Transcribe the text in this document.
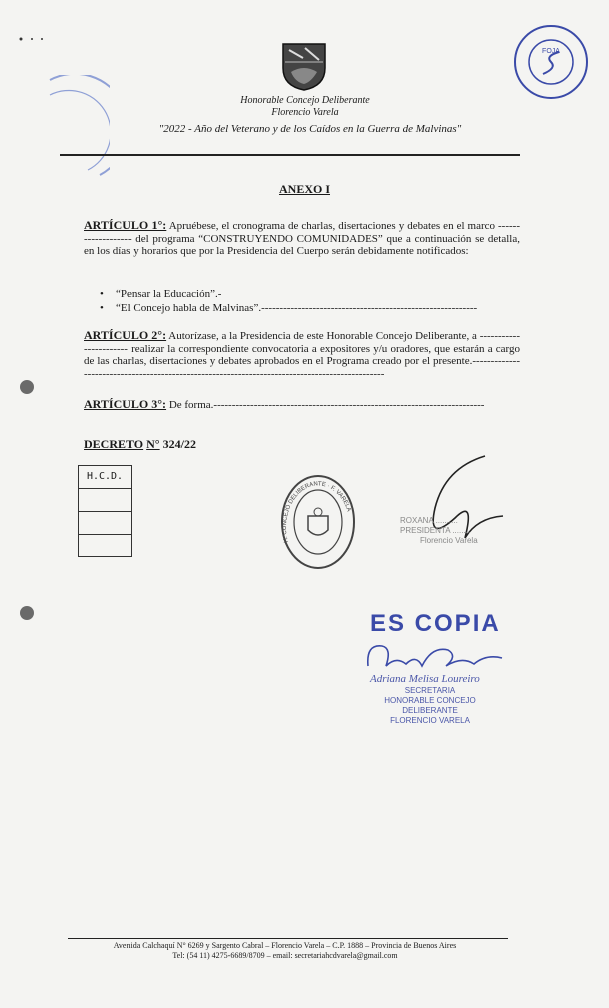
Honorable Concejo Deliberante
Florencio Varela
"2022 - Año del Veterano y de los Caídos en la Guerra de Malvinas"
FOJA
ANEXO I
ARTÍCULO 1°: Apruébese, el cronograma de charlas, disertaciones y debates en el marco ------------------- del programa “CONSTRUYENDO COMUNIDADES” que a continuación se detalla, en los días y horarios que por la Presidencia del Cuerpo serán debidamente notificados:
• “Pensar la Educación”.-
• “El Concejo habla de Malvinas”.-----------------------------------------------------------
ARTÍCULO 2°: Autorízase, a la Presidencia de este Honorable Concejo Deliberante, a ----------------------- realizar la correspondiente convocatoria a expositores y/u oradores, que estarán a cargo de las charlas, disertaciones y debates aprobados en el Programa creado por el presente.-----------------------------------------------------------------------------------------------
ARTÍCULO 3°: De forma.--------------------------------------------------------------------------
DECRETO N° 324/22
H.C.D.
H. CONCEJO DELIBERANTE · F. VARELA
ROXANA ..........
PRESIDENTA ........
Florencio Varela
ES COPIA
Adriana Melisa Loureiro
SECRETARIA
HONORABLE CONCEJO DELIBERANTE
FLORENCIO VARELA
Avenida Calchaquí N° 6269 y Sargento Cabral – Florencio Varela – C.P. 1888 – Provincia de Buenos Aires
Tel: (54 11) 4275-6689/8709 – email: secretariahcdvarela@gmail.com
